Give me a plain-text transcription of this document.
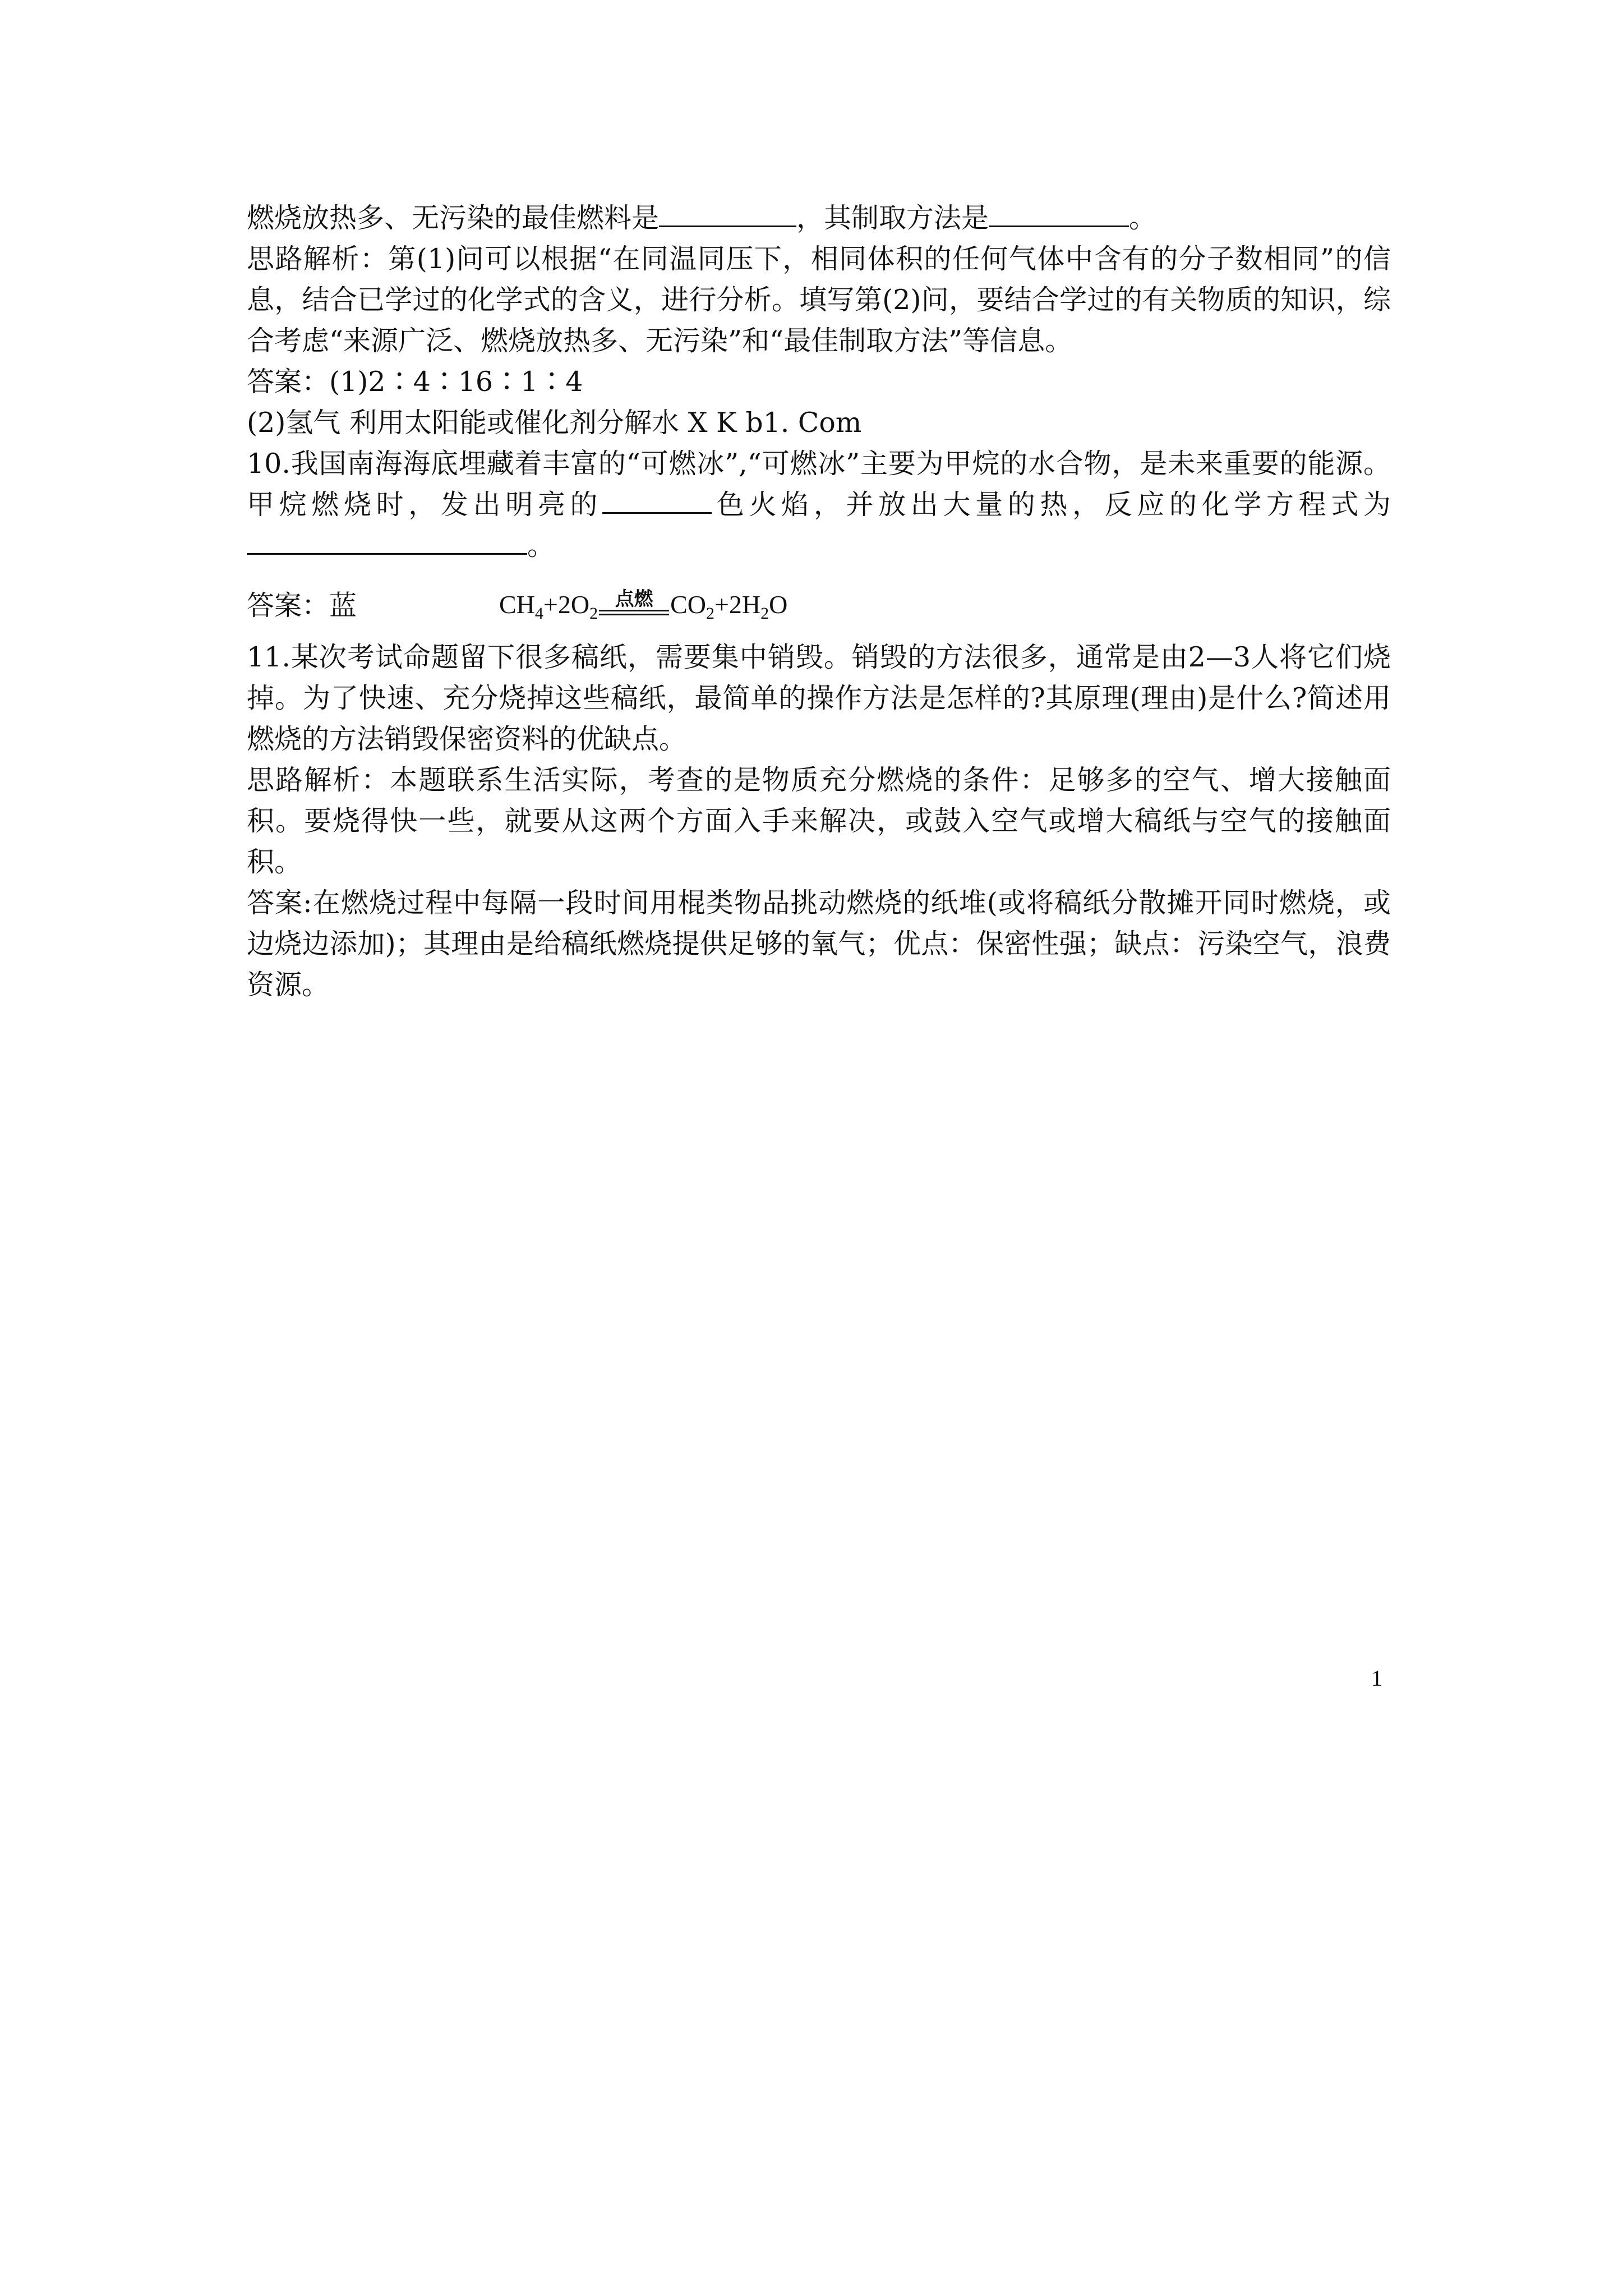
燃烧放热多、无污染的最佳燃料是	，其制取方法是	。

思路解析：第(1)问可以根据“在同温同压下，相同体积的任何气体中含有的分子数相同”的信息，结合已学过的化学式的含义，进行分析。填写第(2)问，要结合学过的有关物质的知识，综合考虑“来源广泛、燃烧放热多、无污染”和“最佳制取方法”等信息。

答案：(1)2∶4∶16∶1∶4

(2)氢气 利用太阳能或催化剂分解水 X K b1. Com

10.我国南海海底埋藏着丰富的“可燃冰”,“可燃冰”主要为甲烷的水合物，是未来重要的能源。甲烷燃烧时，发出明亮的	色火焰，并放出大量的热，反应的化学方程式为。

答案：蓝	$CH_4 +2O_2$
点燃 $CO_2 +2H_2O$

11.某次考试命题留下很多稿纸，需要集中销毁。销毁的方法很多，通常是由2—3人将它们烧掉。为了快速、充分烧掉这些稿纸，最简单的操作方法是怎样的?其原理(理由)是什么?简述用燃烧的方法销毁保密资料的优缺点。

思路解析：本题联系生活实际，考查的是物质充分燃烧的条件：足够多的空气、增大接触面积。要烧得快一些，就要从这两个方面入手来解决，或鼓入空气或增大稿纸与空气的接触面积。

答案:在燃烧过程中每隔一段时间用棍类物品挑动燃烧的纸堆(或将稿纸分散摊开同时燃烧，或边烧边添加)；其理由是给稿纸燃烧提供足够的氧气；优点：保密性强；缺点：污染空气，浪费资源。

1
